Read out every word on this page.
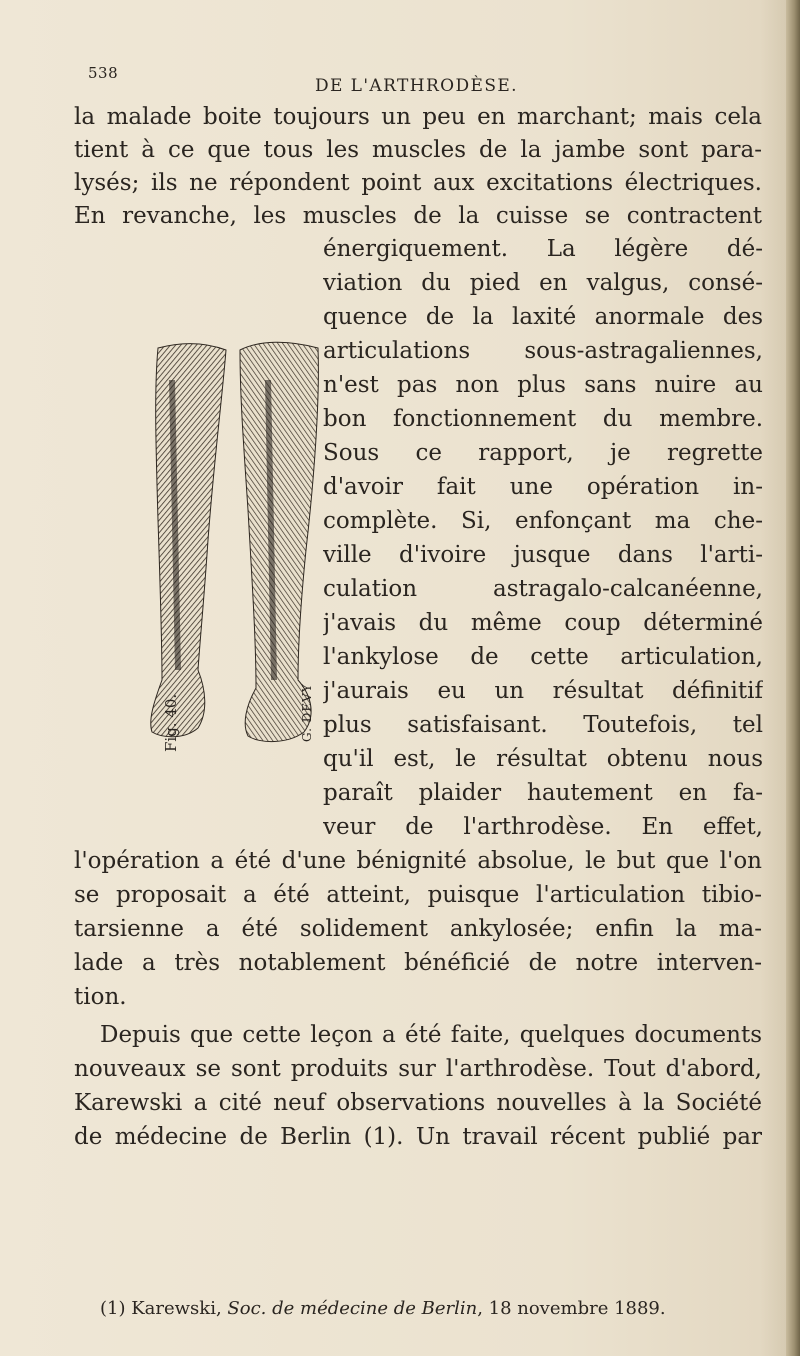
538
DE L'ARTHRODÈSE.
la malade boite toujours un peu en marchant; mais cela
tient à ce que tous les muscles de la jambe sont para-
lysés; ils ne répondent point aux excitations électriques.
En revanche, les muscles de la cuisse se contractent
énergiquement. La légère dé-
viation du pied en valgus, consé-
quence de la laxité anormale des
articulations sous-astragaliennes,
n'est pas non plus sans nuire au
bon fonctionnement du membre.
Sous ce rapport, je regrette
d'avoir fait une opération in-
complète. Si, enfonçant ma che-
ville d'ivoire jusque dans l'arti-
culation astragalo-calcanéenne,
j'avais du même coup déterminé
l'ankylose de cette articulation,
j'aurais eu un résultat définitif
plus satisfaisant. Toutefois, tel
qu'il est, le résultat obtenu nous
paraît plaider hautement en fa-
veur de l'arthrodèse. En effet,
l'opération a été d'une bénignité absolue, le but que l'on
se proposait a été atteint, puisque l'articulation tibio-
tarsienne a été solidement ankylosée; enfin la ma-
lade a très notablement bénéficié de notre interven-
tion.
Depuis que cette leçon a été faite, quelques documents
nouveaux se sont produits sur l'arthrodèse. Tout d'abord,
Karewski a cité neuf observations nouvelles à la Société
de médecine de Berlin (1). Un travail récent publié par
G. DEVY
Fig. 40.
(1) Karewski, Soc. de médecine de Berlin, 18 novembre 1889.
